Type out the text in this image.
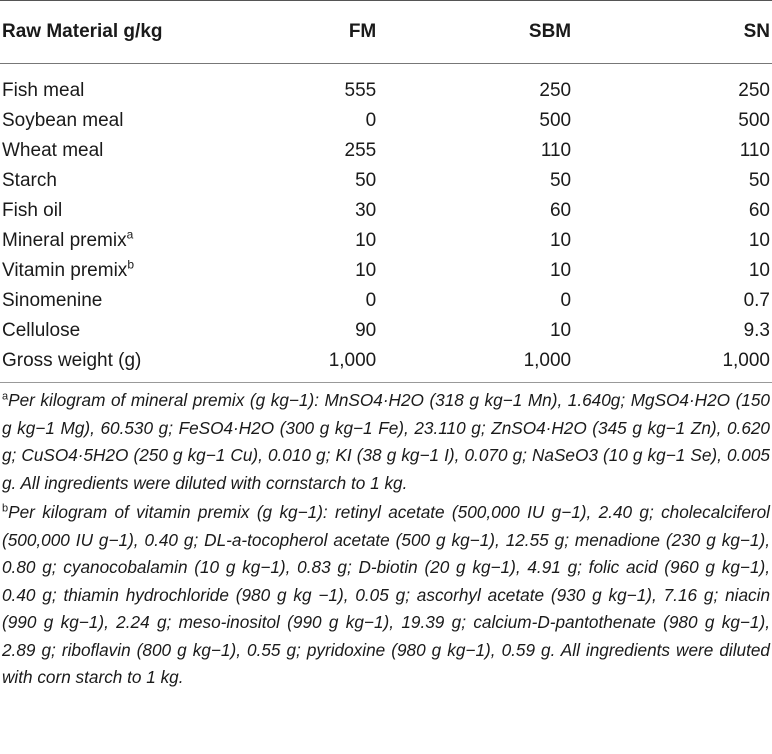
Raw Material g/kg	FM	SBM	SN
Fish meal	555	250	250
Soybean meal	0	500	500
Wheat meal	255	110	110
Starch	50	50	50
Fish oil	30	60	60
Mineral premix$^a$	10	10	10
Vitamin premix$^b$	10	10	10
Sinomenine	0	0	0.7
Cellulose	90	10	9.3
Gross weight (g)	1,000	1,000	1,000

$^a$Per kilogram of mineral premix (g kg−1): MnSO4·H2O (318 g kg−1 Mn), 1.640g; MgSO4·H2O (150 g kg−1 Mg), 60.530 g; FeSO4·H2O (300 g kg−1 Fe), 23.110 g; ZnSO4·H2O (345 g kg−1 Zn), 0.620 g; CuSO4·5H2O (250 g kg−1 Cu), 0.010 g; KI (38 g kg−1 I), 0.070 g; NaSeO3 (10 g kg−1 Se), 0.005 g. All ingredients were diluted with cornstarch to 1 kg.

$^b$Per kilogram of vitamin premix (g kg−1): retinyl acetate (500,000 IU g−1), 2.40 g; cholecalciferol (500,000 IU g−1), 0.40 g; DL-a-tocopherol acetate (500 g kg−1), 12.55 g; menadione (230 g kg−1), 0.80 g; cyanocobalamin (10 g kg−1), 0.83 g; D-biotin (20 g kg−1), 4.91 g; folic acid (960 g kg−1), 0.40 g; thiamin hydrochloride (980 g kg −1), 0.05 g; ascorhyl acetate (930 g kg−1), 7.16 g; niacin (990 g kg−1), 2.24 g; meso-inositol (990 g kg−1), 19.39 g; calcium-D-pantothenate (980 g kg−1), 2.89 g; riboflavin (800 g kg−1), 0.55 g; pyridoxine (980 g kg−1), 0.59 g. All ingredients were diluted with corn starch to 1 kg.
